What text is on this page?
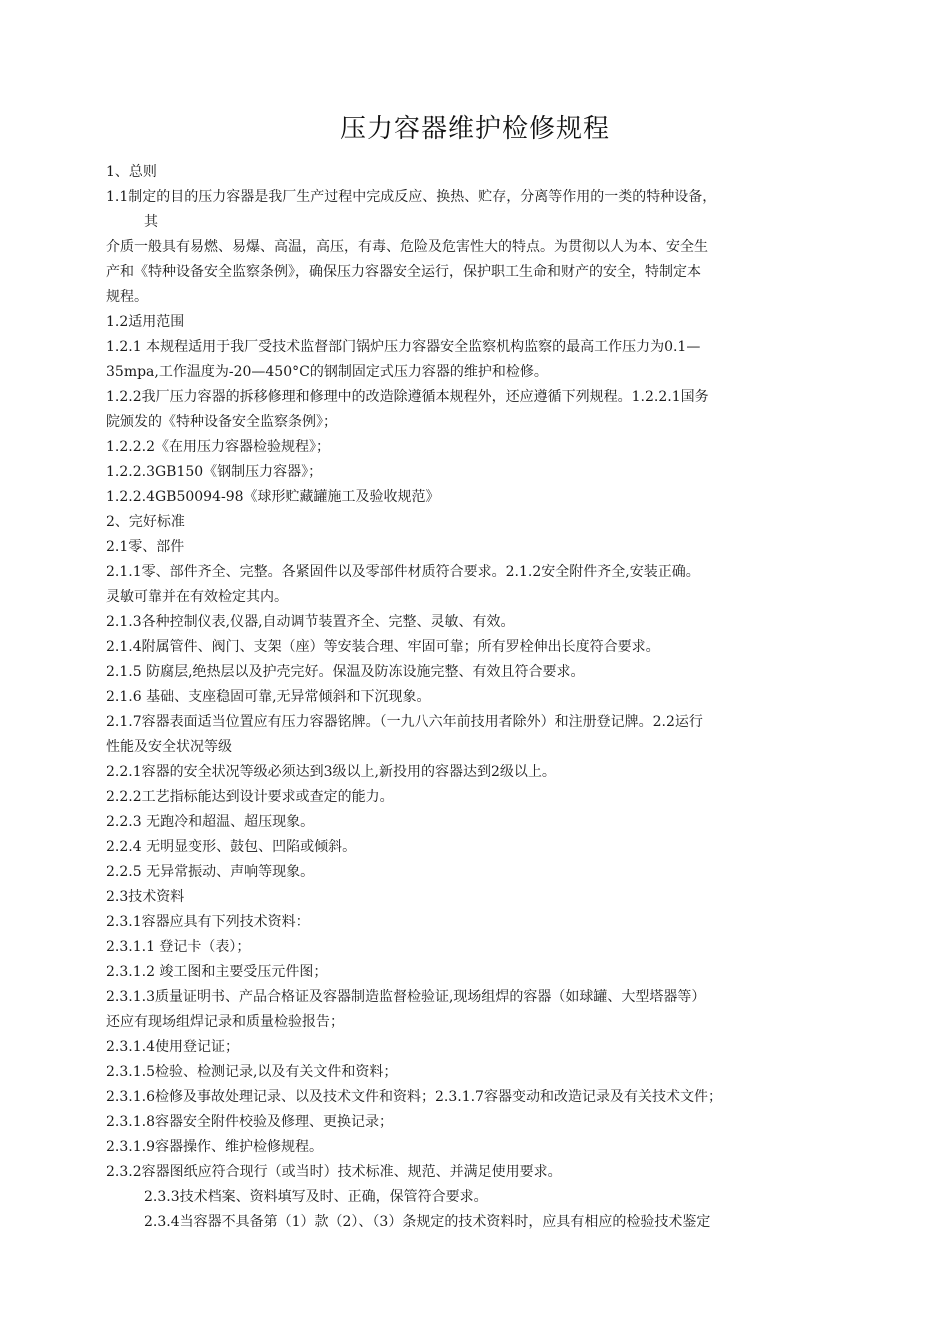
压力容器维护检修规程
1、总则
1.1制定的目的压力容器是我厂生产过程中完成反应、换热、贮存，分离等作用的一类的特种设备，
其
介质一般具有易燃、易爆、高温，高压，有毒、危险及危害性大的特点。为贯彻以人为本、安全生
产和《特种设备安全监察条例》，确保压力容器安全运行，保护职工生命和财产的安全，特制定本
规程。
1.2适用范围
1.2.1 本规程适用于我厂受技术监督部门锅炉压力容器安全监察机构监察的最高工作压力为0.1—
35mpa,工作温度为-20—450°C的钢制固定式压力容器的维护和检修。
1.2.2我厂压力容器的拆移修理和修理中的改造除遵循本规程外，还应遵循下列规程。1.2.2.1国务
院颁发的《特种设备安全监察条例》；
1.2.2.2《在用压力容器检验规程》；
1.2.2.3GB150《钢制压力容器》；
1.2.2.4GB50094-98《球形贮藏罐施工及验收规范》
2、完好标准
2.1零、部件
2.1.1零、部件齐全、完整。各紧固件以及零部件材质符合要求。2.1.2安全附件齐全,安装正确。
灵敏可靠并在有效检定其内。
2.1.3各种控制仪表,仪器,自动调节装置齐全、完整、灵敏、有效。
2.1.4附属管件、阀门、支架（座）等安装合理、牢固可靠；所有罗栓伸出长度符合要求。
2.1.5 防腐层,绝热层以及护壳完好。保温及防冻设施完整、有效且符合要求。
2.1.6 基础、支座稳固可靠,无异常倾斜和下沉现象。
2.1.7容器表面适当位置应有压力容器铭牌。（一九八六年前技用者除外）和注册登记牌。2.2运行
性能及安全状况等级
2.2.1容器的安全状况等级必须达到3级以上,新投用的容器达到2级以上。
2.2.2工艺指标能达到设计要求或查定的能力。
2.2.3 无跑冷和超温、超压现象。
2.2.4 无明显变形、鼓包、凹陷或倾斜。
2.2.5 无异常振动、声响等现象。
2.3技术资料
2.3.1容器应具有下列技术资料：
2.3.1.1 登记卡（表）；
2.3.1.2 竣工图和主要受压元件图；
2.3.1.3质量证明书、产品合格证及容器制造监督检验证,现场组焊的容器（如球罐、大型塔器等）
还应有现场组焊记录和质量检验报告；
2.3.1.4使用登记证；
2.3.1.5检验、检测记录,以及有关文件和资料；
2.3.1.6检修及事故处理记录、以及技术文件和资料；2.3.1.7容器变动和改造记录及有关技术文件；
2.3.1.8容器安全附件校验及修理、更换记录；
2.3.1.9容器操作、维护检修规程。
2.3.2容器图纸应符合现行（或当时）技术标准、规范、并满足使用要求。
2.3.3技术档案、资料填写及时、正确，保管符合要求。
2.3.4当容器不具备第（1）款（2）、（3）条规定的技术资料时，应具有相应的检验技术鉴定
